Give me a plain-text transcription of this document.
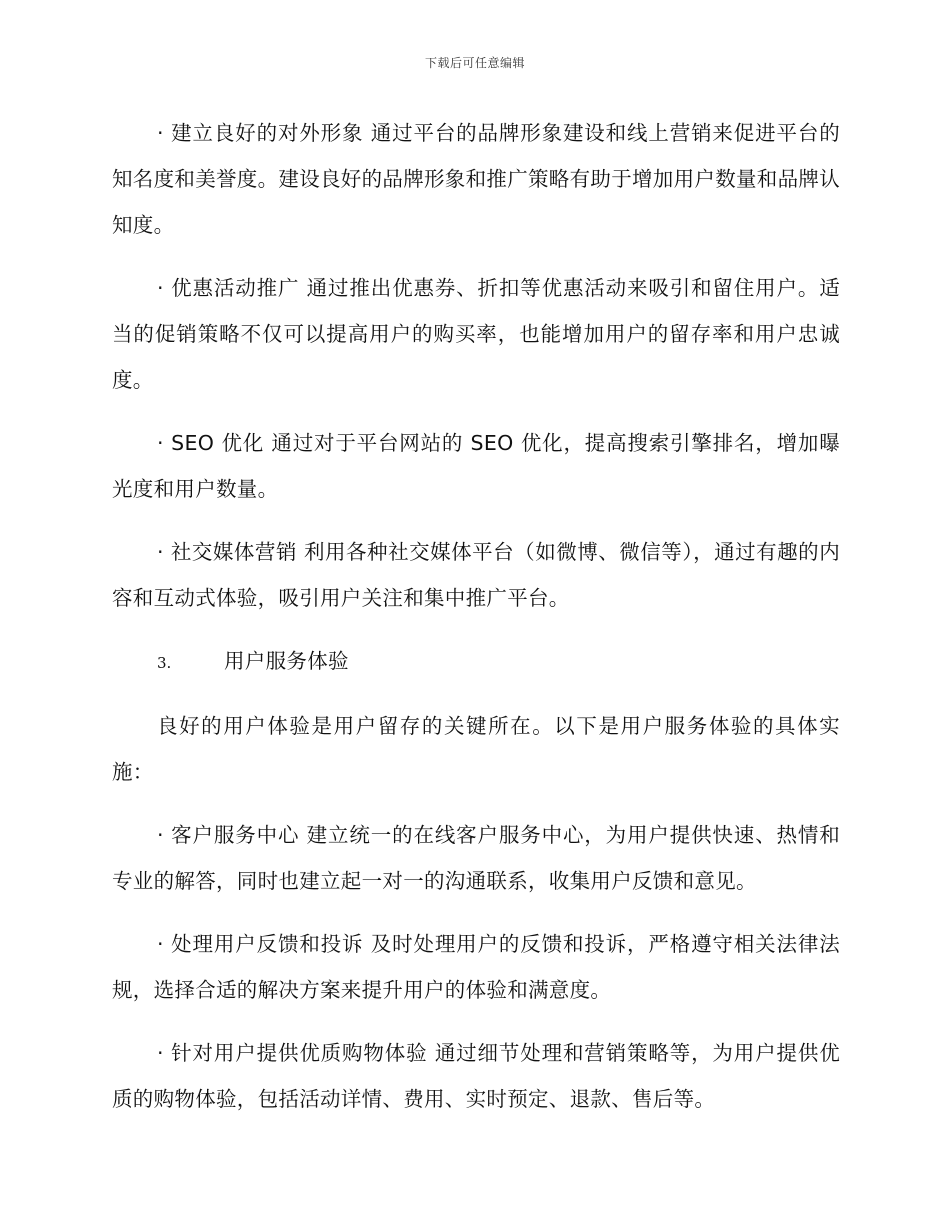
下载后可任意编辑

· 建立良好的对外形象 通过平台的品牌形象建设和线上营销来促进平台的知名度和美誉度。建设良好的品牌形象和推广策略有助于增加用户数量和品牌认知度。

· 优惠活动推广 通过推出优惠券、折扣等优惠活动来吸引和留住用户。适当的促销策略不仅可以提高用户的购买率，也能增加用户的留存率和用户忠诚度。

· SEO 优化 通过对于平台网站的 SEO 优化，提高搜索引擎排名，增加曝光度和用户数量。

· 社交媒体营销 利用各种社交媒体平台（如微博、微信等），通过有趣的内容和互动式体验，吸引用户关注和集中推广平台。

3.	用户服务体验

良好的用户体验是用户留存的关键所在。以下是用户服务体验的具体实施：

· 客户服务中心 建立统一的在线客户服务中心，为用户提供快速、热情和专业的解答，同时也建立起一对一的沟通联系，收集用户反馈和意见。

· 处理用户反馈和投诉 及时处理用户的反馈和投诉，严格遵守相关法律法规，选择合适的解决方案来提升用户的体验和满意度。

· 针对用户提供优质购物体验 通过细节处理和营销策略等，为用户提供优质的购物体验，包括活动详情、费用、实时预定、退款、售后等。
